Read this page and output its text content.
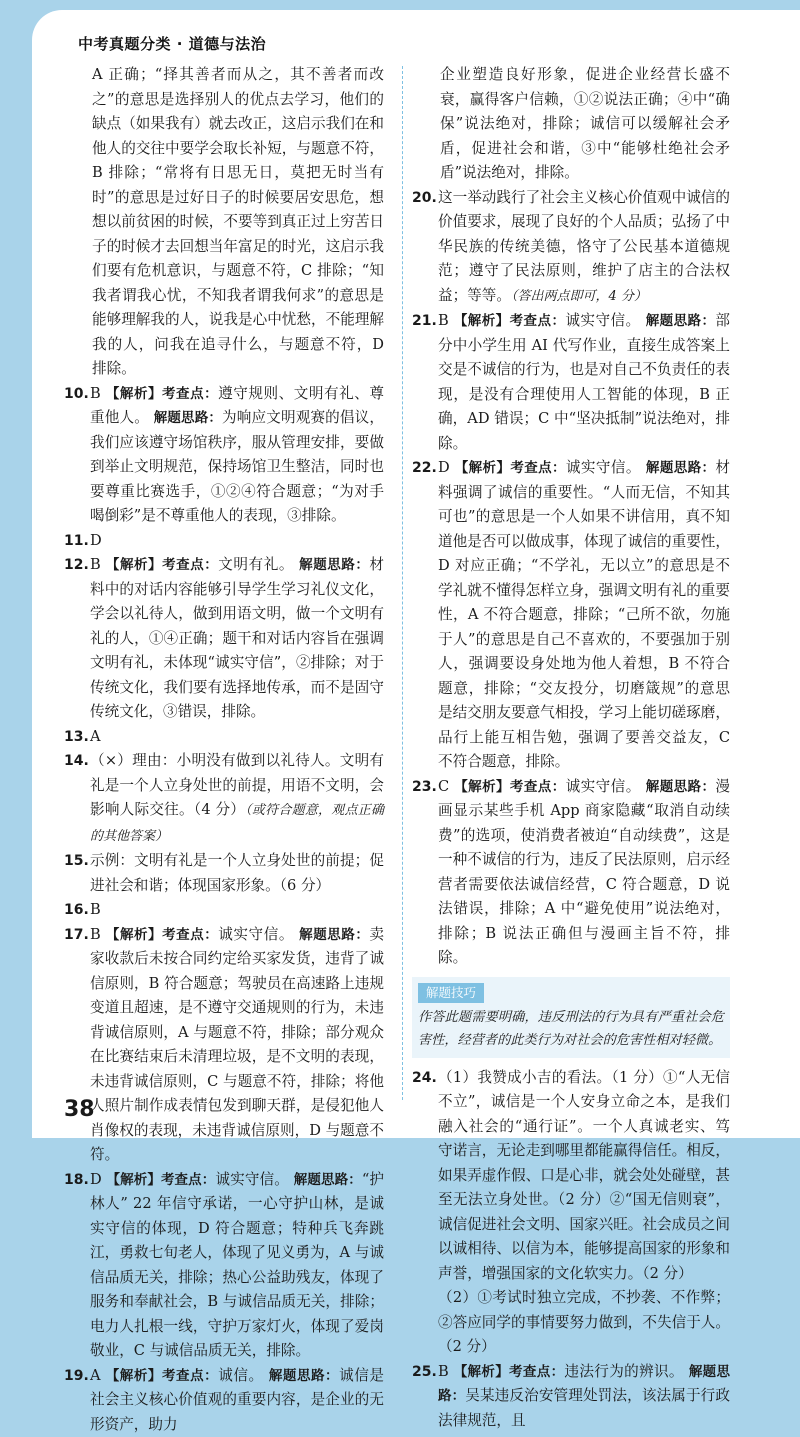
中考真题分类 · 道德与法治
A 正确；“择其善者而从之，其不善者而改之”的意思是选择别人的优点去学习，他们的缺点（如果我有）就去改正，这启示我们在和他人的交往中要学会取长补短，与题意不符，B 排除；“常将有日思无日，莫把无时当有时”的意思是过好日子的时候要居安思危，想想以前贫困的时候，不要等到真正过上穷苦日子的时候才去回想当年富足的时光，这启示我们要有危机意识，与题意不符，C 排除；“知我者谓我心忧，不知我者谓我何求”的意思是能够理解我的人，说我是心中忧愁，不能理解我的人，问我在追寻什么，与题意不符，D 排除。
10. B 【解析】考查点：遵守规则、文明有礼、尊重他人。 解题思路：为响应文明观赛的倡议，我们应该遵守场馆秩序，服从管理安排，要做到举止文明规范，保持场馆卫生整洁，同时也要尊重比赛选手，①②④符合题意；“为对手喝倒彩”是不尊重他人的表现，③排除。
11. D
12. B 【解析】考查点：文明有礼。 解题思路：材料中的对话内容能够引导学生学习礼仪文化，学会以礼待人，做到用语文明，做一个文明有礼的人，①④正确；题干和对话内容旨在强调文明有礼，未体现“诚实守信”，②排除；对于传统文化，我们要有选择地传承，而不是固守传统文化，③错误，排除。
13. A
14. （×）理由：小明没有做到以礼待人。文明有礼是一个人立身处世的前提，用语不文明，会影响人际交往。（4 分）（或符合题意，观点正确的其他答案）
15. 示例：文明有礼是一个人立身处世的前提；促进社会和谐；体现国家形象。（6 分）
16. B
17. B 【解析】考查点：诚实守信。 解题思路：卖家收款后未按合同约定给买家发货，违背了诚信原则，B 符合题意；驾驶员在高速路上违规变道且超速，是不遵守交通规则的行为，未违背诚信原则，A 与题意不符，排除；部分观众在比赛结束后未清理垃圾，是不文明的表现，未违背诚信原则，C 与题意不符，排除；将他人照片制作成表情包发到聊天群，是侵犯他人肖像权的表现，未违背诚信原则，D 与题意不符。
18. D 【解析】考查点：诚实守信。 解题思路：“护林人” 22 年信守承诺，一心守护山林，是诚实守信的体现，D 符合题意；特种兵飞奔跳江，勇救七旬老人，体现了见义勇为，A 与诚信品质无关，排除；热心公益助残友，体现了服务和奉献社会，B 与诚信品质无关，排除；电力人扎根一线，守护万家灯火，体现了爱岗敬业，C 与诚信品质无关，排除。
19. A 【解析】考查点：诚信。 解题思路：诚信是社会主义核心价值观的重要内容，是企业的无形资产，助力
企业塑造良好形象，促进企业经营长盛不衰，赢得客户信赖，①②说法正确；④中“确保”说法绝对，排除；诚信可以缓解社会矛盾，促进社会和谐，③中“能够杜绝社会矛盾”说法绝对，排除。
20. 这一举动践行了社会主义核心价值观中诚信的价值要求，展现了良好的个人品质；弘扬了中华民族的传统美德，恪守了公民基本道德规范；遵守了民法原则，维护了店主的合法权益；等等。（答出两点即可，4 分）
21. B 【解析】考查点：诚实守信。 解题思路：部分中小学生用 AI 代写作业，直接生成答案上交是不诚信的行为，也是对自己不负责任的表现，是没有合理使用人工智能的体现，B 正确，AD 错误；C 中“坚决抵制”说法绝对，排除。
22. D 【解析】考查点：诚实守信。 解题思路：材料强调了诚信的重要性。“人而无信，不知其可也”的意思是一个人如果不讲信用，真不知道他是否可以做成事，体现了诚信的重要性，D 对应正确；“不学礼，无以立”的意思是不学礼就不懂得怎样立身，强调文明有礼的重要性，A 不符合题意，排除；“己所不欲，勿施于人”的意思是自己不喜欢的，不要强加于别人，强调要设身处地为他人着想，B 不符合题意，排除；“交友投分，切磨箴规”的意思是结交朋友要意气相投，学习上能切磋琢磨，品行上能互相告勉，强调了要善交益友，C 不符合题意，排除。
23. C 【解析】考查点：诚实守信。 解题思路：漫画显示某些手机 App 商家隐藏“取消自动续费”的选项，使消费者被迫“自动续费”，这是一种不诚信的行为，违反了民法原则，启示经营者需要依法诚信经营，C 符合题意，D 说法错误，排除；A 中“避免使用”说法绝对，排除；B 说法正确但与漫画主旨不符，排除。
解题技巧
作答此题需要明确，违反刑法的行为具有严重社会危害性，经营者的此类行为对社会的危害性相对轻微。
24. （1）我赞成小吉的看法。（1 分）①“人无信不立”，诚信是一个人安身立命之本，是我们融入社会的“通行证”。一个人真诚老实、笃守诺言，无论走到哪里都能赢得信任。相反，如果弄虚作假、口是心非，就会处处碰壁，甚至无法立身处世。（2 分）②“国无信则衰”，诚信促进社会文明、国家兴旺。社会成员之间以诚相待、以信为本，能够提高国家的形象和声誉，增强国家的文化软实力。（2 分）
（2）①考试时独立完成，不抄袭、不作弊；②答应同学的事情要努力做到，不失信于人。（2 分）
25. B 【解析】考查点：违法行为的辨识。 解题思路：吴某违反治安管理处罚法，该法属于行政法律规范，且
38
